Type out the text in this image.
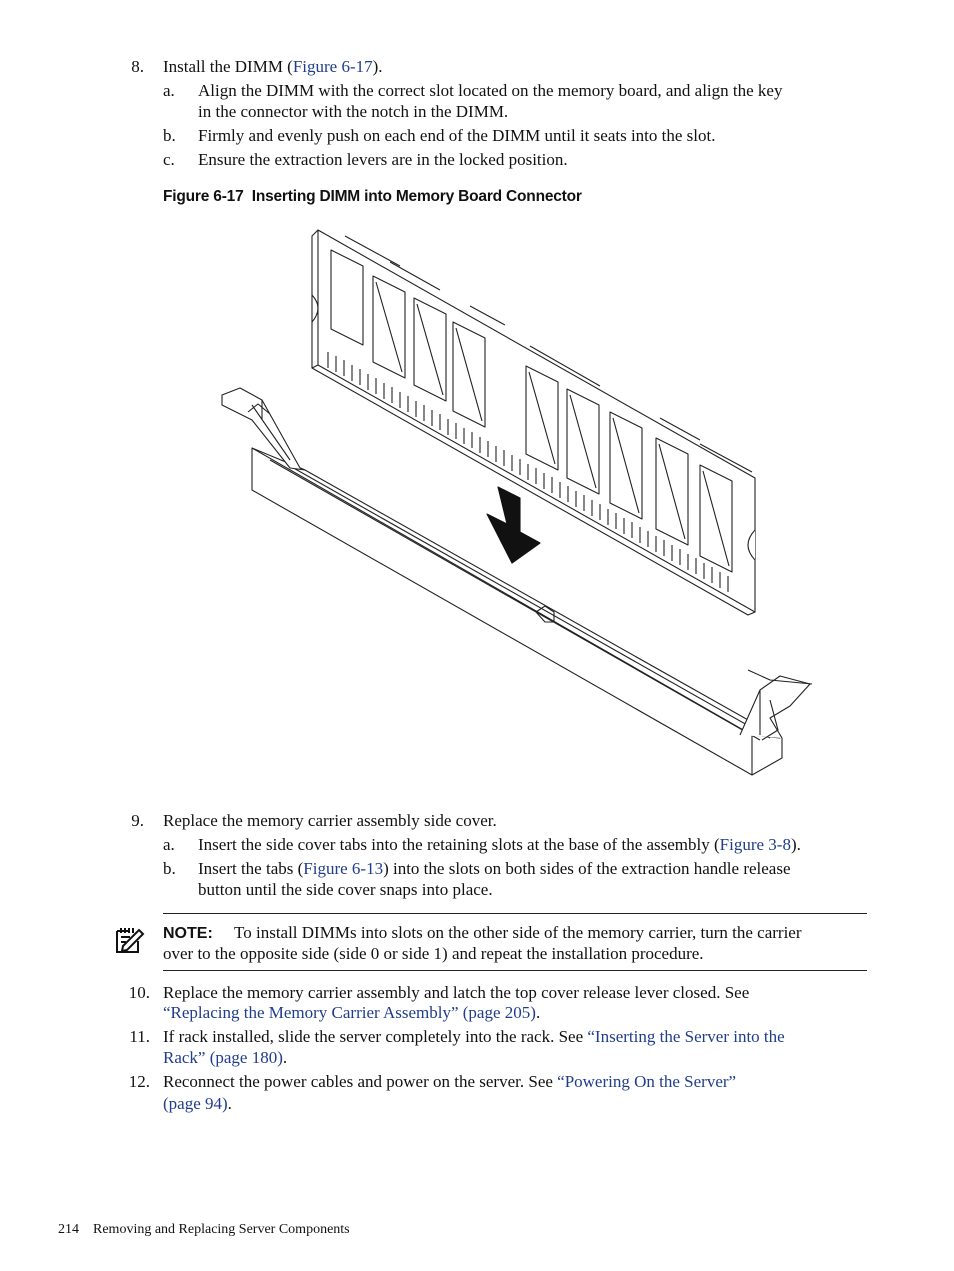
8. Install the DIMM (Figure 6-17).
a. Align the DIMM with the correct slot located on the memory board, and align the key
in the connector with the notch in the DIMM.
b. Firmly and evenly push on each end of the DIMM until it seats into the slot.
c. Ensure the extraction levers are in the locked position.
Figure 6-17 Inserting DIMM into Memory Board Connector
9. Replace the memory carrier assembly side cover.
a. Insert the side cover tabs into the retaining slots at the base of the assembly (Figure 3-8).
b. Insert the tabs (Figure 6-13) into the slots on both sides of the extraction handle release
button until the side cover snaps into place.
NOTE: To install DIMMs into slots on the other side of the memory carrier, turn the carrier
over to the opposite side (side 0 or side 1) and repeat the installation procedure.
10. Replace the memory carrier assembly and latch the top cover release lever closed. See
“Replacing the Memory Carrier Assembly” (page 205).
11. If rack installed, slide the server completely into the rack. See “Inserting the Server into the
Rack” (page 180).
12. Reconnect the power cables and power on the server. See “Powering On the Server”
(page 94).
214 Removing and Replacing Server Components
